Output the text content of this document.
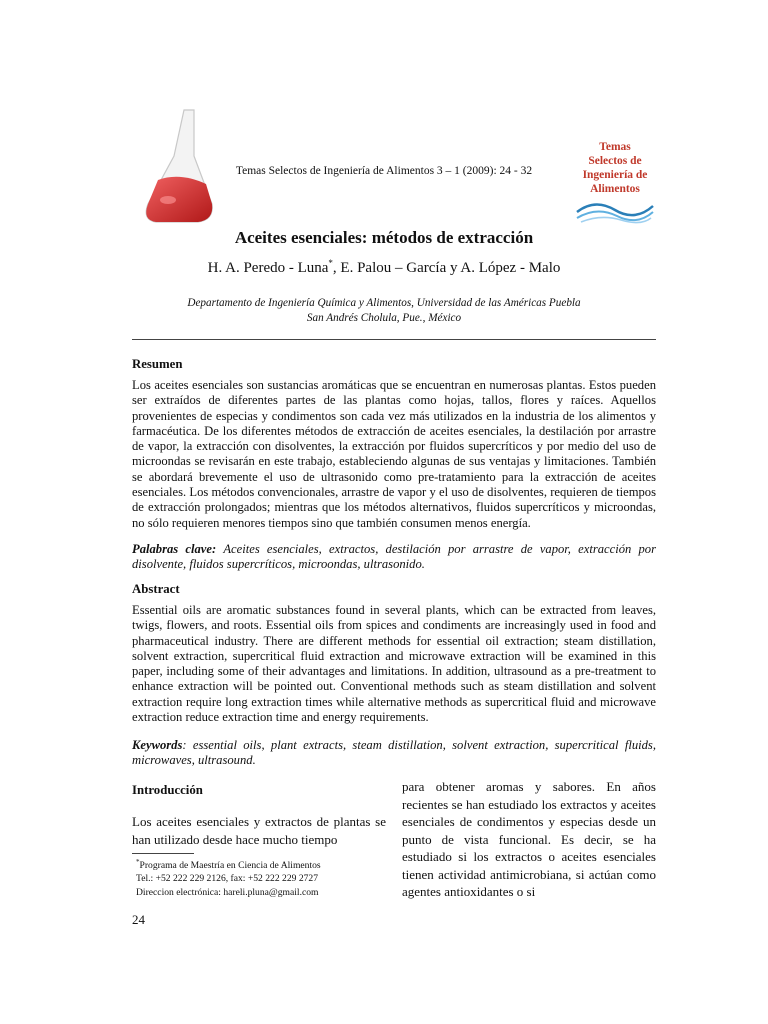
Temas Selectos de Ingeniería de Alimentos 3 – 1 (2009): 24 - 32
Temas
Selectos de
Ingeniería de
Alimentos
Aceites esenciales: métodos de extracción
H. A. Peredo - Luna*, E. Palou – García y A. López - Malo
Departamento de Ingeniería Química y Alimentos, Universidad de las Américas Puebla
San Andrés Cholula, Pue., México
Resumen
Los aceites esenciales son sustancias aromáticas que se encuentran en numerosas plantas. Estos pueden ser extraídos de diferentes partes de las plantas como hojas, tallos, flores y raíces. Aquellos provenientes de especias y condimentos son cada vez más utilizados en la industria de los alimentos y farmacéutica. De los diferentes métodos de extracción de aceites esenciales, la destilación por arrastre de vapor, la extracción con disolventes, la extracción por fluidos supercríticos y por medio del uso de microondas se revisarán en este trabajo, estableciendo algunas de sus ventajas y limitaciones. También se abordará brevemente el uso de ultrasonido como pre-tratamiento para la extracción de aceites esenciales. Los métodos convencionales, arrastre de vapor y el uso de disolventes, requieren de tiempos de extracción prolongados; mientras que los métodos alternativos, fluidos supercríticos y microondas, no sólo requieren menores tiempos sino que también consumen menos energía.
Palabras clave: Aceites esenciales, extractos, destilación por arrastre de vapor, extracción por disolvente, fluidos supercríticos, microondas, ultrasonido.
Abstract
Essential oils are aromatic substances found in several plants, which can be extracted from leaves, twigs, flowers, and roots. Essential oils from spices and condiments are increasingly used in food and pharmaceutical industry. There are different methods for essential oil extraction; steam distillation, solvent extraction, supercritical fluid extraction and microwave extraction will be examined in this paper, including some of their advantages and limitations. In addition, ultrasound as a pre-treatment to enhance extraction will be pointed out. Conventional methods such as steam distillation and solvent extraction require long extraction times while alternative methods as supercritical fluid and microwave extraction reduce extraction time and energy requirements.
Keywords: essential oils, plant extracts, steam distillation, solvent extraction, supercritical fluids, microwaves, ultrasound.
Introducción
Los aceites esenciales y extractos de plantas se han utilizado desde hace mucho tiempo
para obtener aromas y sabores. En años recientes se han estudiado los extractos y aceites esenciales de condimentos y especias desde un punto de vista funcional. Es decir, se ha estudiado si los extractos o aceites esenciales tienen actividad antimicrobiana, si actúan como agentes antioxidantes o si
*Programa de Maestría en Ciencia de Alimentos
Tel.: +52 222 229 2126, fax: +52 222 229 2727
Direccion electrónica: hareli.pluna@gmail.com
24
